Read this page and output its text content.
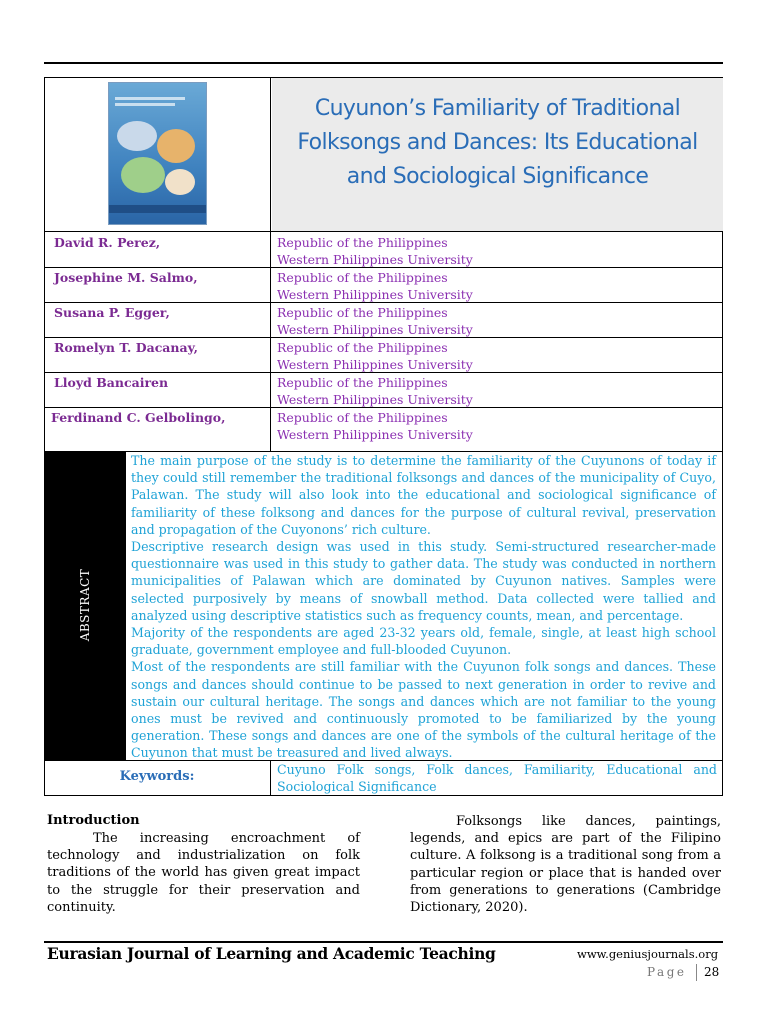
Cuyunon’s Familiarity of Traditional Folksongs and Dances: Its Educational and Sociological Significance
David R. Perez,	Republic of the Philippines
Western Philippines University
Josephine M. Salmo,	Republic of the Philippines
Western Philippines University
Susana P. Egger,	Republic of the Philippines
Western Philippines University
Romelyn T. Dacanay,	Republic of the Philippines
Western Philippines University
Lloyd Bancairen	Republic of the Philippines
Western Philippines University
Ferdinand C. Gelbolingo,	Republic of the Philippines
Western Philippines University
ABSTRACT

The main purpose of the study is to determine the familiarity of the Cuyunons of today if they could still remember the traditional folksongs and dances of the municipality of Cuyo, Palawan. The study will also look into the educational and sociological significance of familiarity of these folksong and dances for the purpose of cultural revival, preservation and propagation of the Cuyonons’ rich culture.

Descriptive research design was used in this study. Semi-structured researcher-made questionnaire was used in this study to gather data. The study was conducted in northern municipalities of Palawan which are dominated by Cuyunon natives. Samples were selected purposively by means of snowball method. Data collected were tallied and analyzed using descriptive statistics such as frequency counts, mean, and percentage.

Majority of the respondents are aged 23-32 years old, female, single, at least high school graduate, government employee and full-blooded Cuyunon.

Most of the respondents are still familiar with the Cuyunon folk songs and dances. These songs and dances should continue to be passed to next generation in order to revive and sustain our cultural heritage. The songs and dances which are not familiar to the young ones must be revived and continuously promoted to be familiarized by the young generation. These songs and dances are one of the symbols of the cultural heritage of the Cuyunon that must be treasured and lived always.

Keywords:	Cuyuno Folk songs, Folk dances, Familiarity, Educational and Sociological Significance
Introduction

The increasing encroachment of technology and industrialization on folk traditions of the world has given great impact to the struggle for their preservation and continuity.

Folksongs like dances, paintings, legends, and epics are part of the Filipino culture. A folksong is a traditional song from a particular region or place that is handed over from generations to generations (Cambridge Dictionary, 2020).

Eurasian Journal of Learning and Academic Teaching	www.geniusjournals.org
Page 28
